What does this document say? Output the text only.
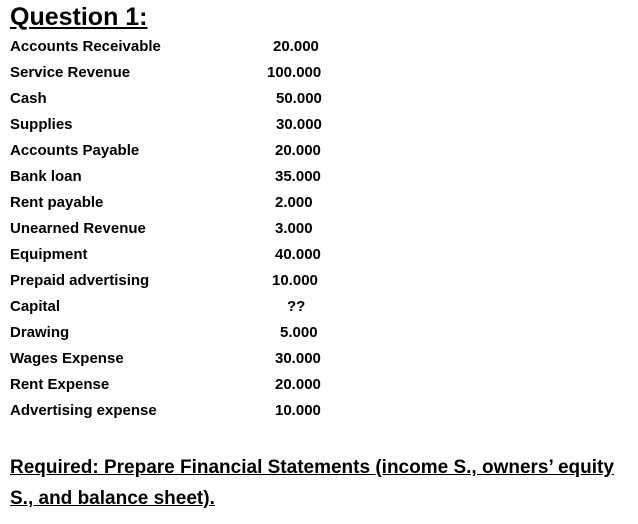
Question 1:
Accounts Receivable	20.000
Service Revenue	100.000
Cash	50.000
Supplies	30.000
Accounts Payable	20.000
Bank loan	35.000
Rent payable	2.000
Unearned Revenue	3.000
Equipment	40.000
Prepaid advertising	10.000
Capital	??
Drawing	5.000
Wages Expense	30.000
Rent Expense	20.000
Advertising expense	10.000

Required: Prepare Financial Statements (income S., owners’ equity S., and balance sheet).
